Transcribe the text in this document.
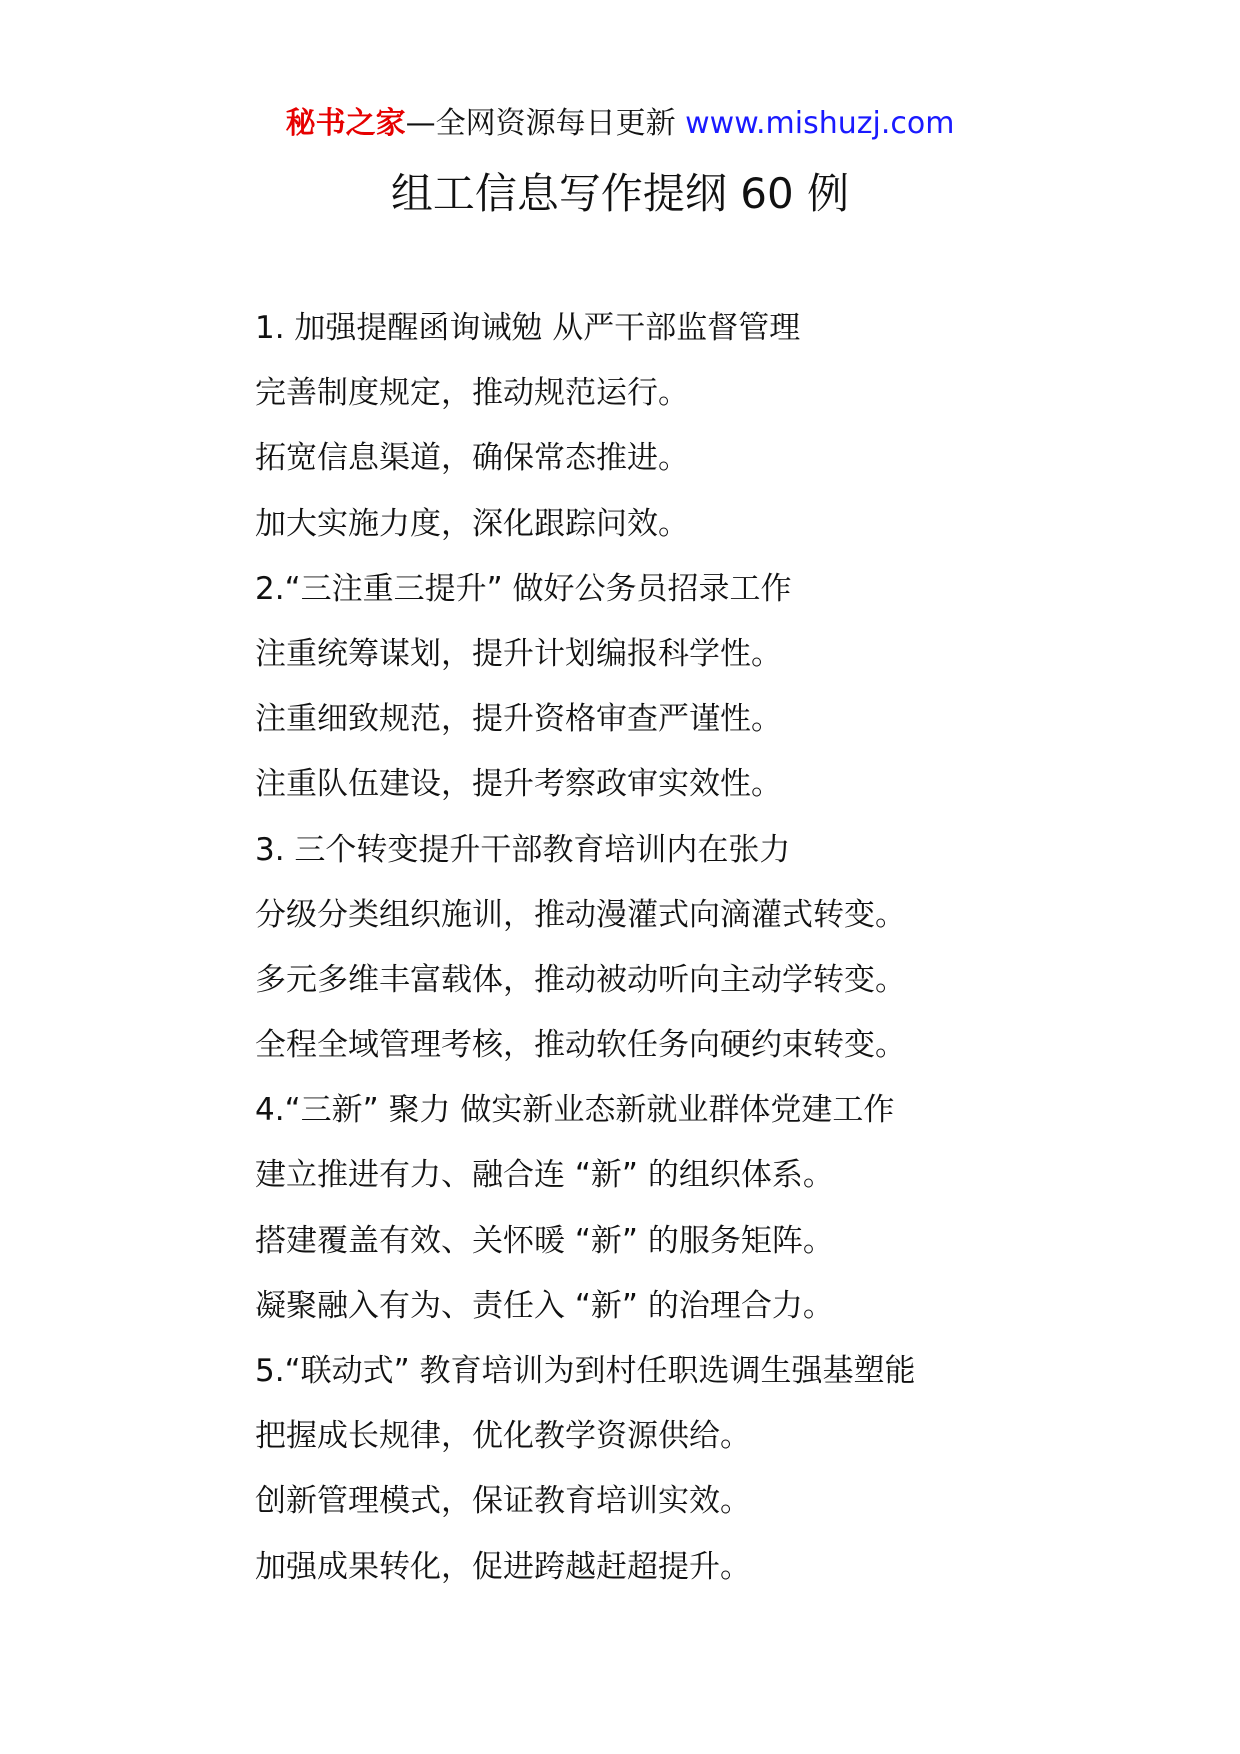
秘书之家—全网资源每日更新 www.mishuzj.com
组工信息写作提纲 60 例
1. 加强提醒函询诫勉 从严干部监督管理
完善制度规定，推动规范运行。
拓宽信息渠道，确保常态推进。
加大实施力度，深化跟踪问效。
2.“三注重三提升” 做好公务员招录工作
注重统筹谋划，提升计划编报科学性。
注重细致规范，提升资格审查严谨性。
注重队伍建设，提升考察政审实效性。
3. 三个转变提升干部教育培训内在张力
分级分类组织施训，推动漫灌式向滴灌式转变。
多元多维丰富载体，推动被动听向主动学转变。
全程全域管理考核，推动软任务向硬约束转变。
4.“三新” 聚力 做实新业态新就业群体党建工作
建立推进有力、融合连 “新” 的组织体系。
搭建覆盖有效、关怀暖 “新” 的服务矩阵。
凝聚融入有为、责任入 “新” 的治理合力。
5.“联动式” 教育培训为到村任职选调生强基塑能
把握成长规律，优化教学资源供给。
创新管理模式，保证教育培训实效。
加强成果转化，促进跨越赶超提升。
